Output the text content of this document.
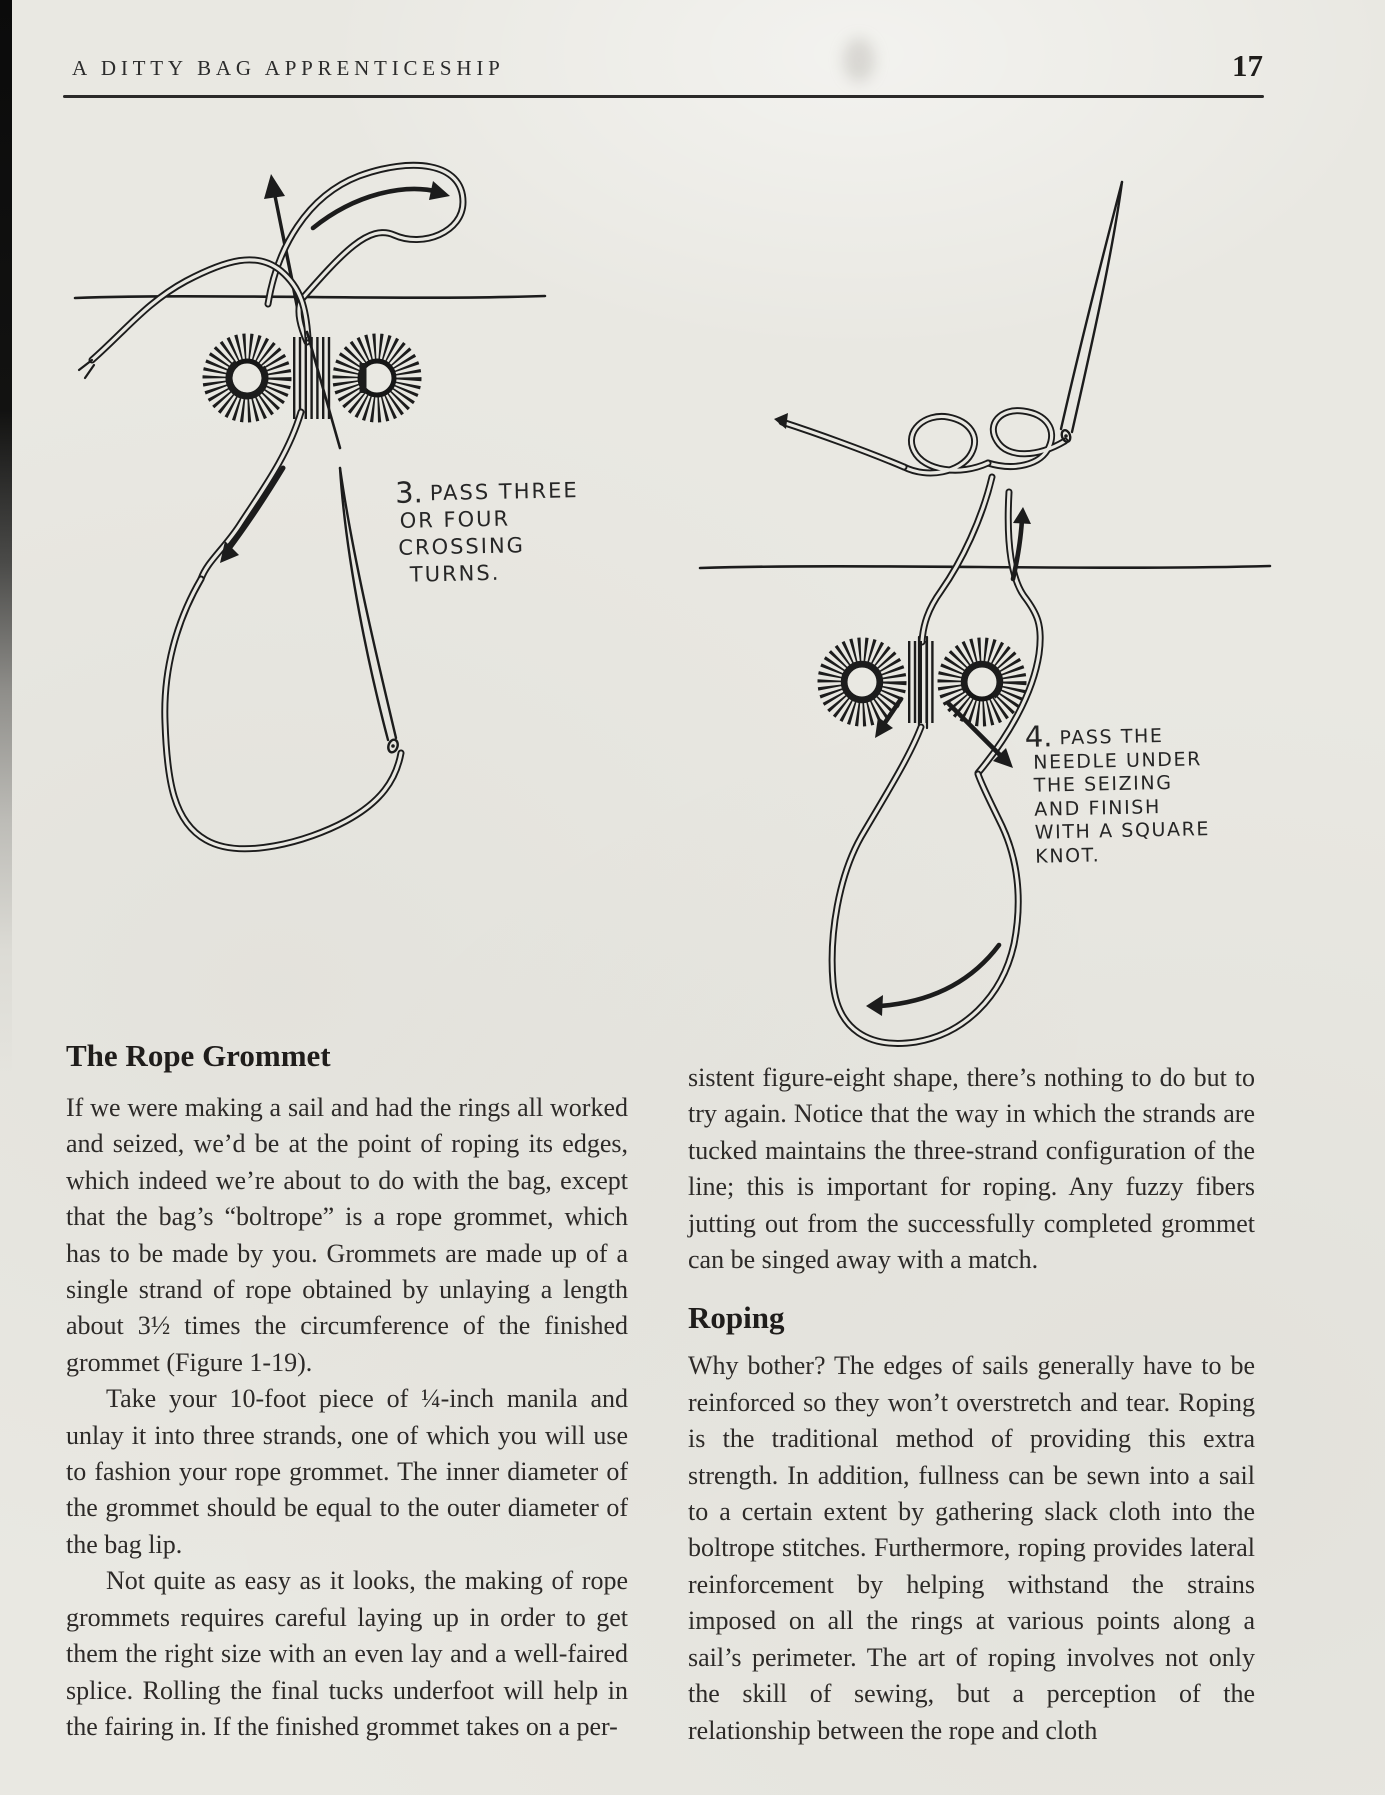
A DITTY BAG APPRENTICESHIP	17
3. PASS THREE
OR FOUR
CROSSING
TURNS.
4. PASS THE
NEEDLE UNDER
THE SEIZING
AND FINISH
WITH A SQUARE
KNOT.
The Rope Grommet

If we were making a sail and had the rings all worked and seized, we’d be at the point of roping its edges, which indeed we’re about to do with the bag, except that the bag’s “boltrope” is a rope grommet, which has to be made by you. Grommets are made up of a single strand of rope obtained by unlaying a length about 3½ times the circumference of the finished grommet (Figure 1-19).

Take your 10-foot piece of ¼-inch manila and unlay it into three strands, one of which you will use to fashion your rope grommet. The inner diameter of the grommet should be equal to the outer diameter of the bag lip.

Not quite as easy as it looks, the making of rope grommets requires careful laying up in order to get them the right size with an even lay and a well-faired splice. Rolling the final tucks underfoot will help in the fairing in. If the finished grommet takes on a per-

sistent figure-eight shape, there’s nothing to do but to try again. Notice that the way in which the strands are tucked maintains the three-strand configuration of the line; this is important for roping. Any fuzzy fibers jutting out from the successfully completed grommet can be singed away with a match.

Roping

Why bother? The edges of sails generally have to be reinforced so they won’t overstretch and tear. Roping is the traditional method of providing this extra strength. In addition, fullness can be sewn into a sail to a certain extent by gathering slack cloth into the boltrope stitches. Furthermore, roping provides lateral reinforcement by helping withstand the strains imposed on all the rings at various points along a sail’s perimeter. The art of roping involves not only the skill of sewing, but a perception of the relationship between the rope and cloth
